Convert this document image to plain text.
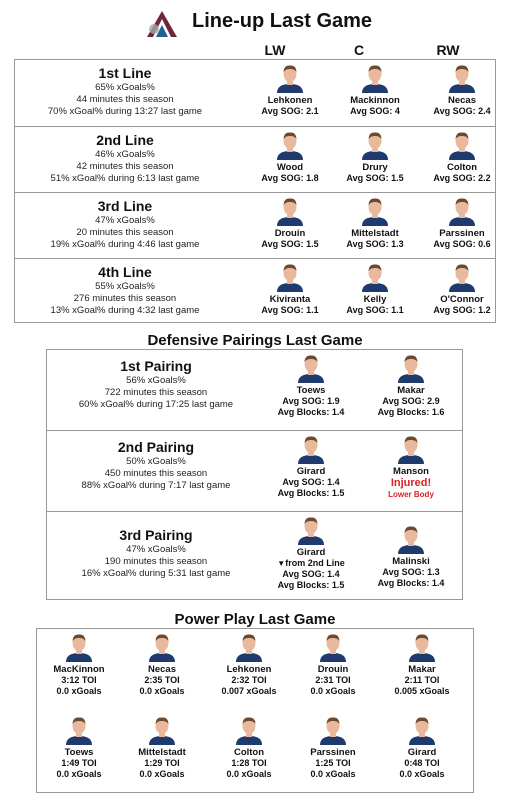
Line-up Last Game
LW	C	RW
1st Line
65% xGoals%
44 minutes this season
70% xGoal% during 13:27 last game
Lehkonen
Avg SOG: 2.1
Mackinnon
Avg SOG: 4
Necas
Avg SOG: 2.4
2nd Line
46% xGoals%
42 minutes this season
51% xGoal% during 6:13 last game
Wood
Avg SOG: 1.8
Drury
Avg SOG: 1.5
Colton
Avg SOG: 2.2
3rd Line
47% xGoals%
20 minutes this season
19% xGoal% during 4:46 last game
Drouin
Avg SOG: 1.5
Mittelstadt
Avg SOG: 1.3
Parssinen
Avg SOG: 0.6
4th Line
55% xGoals%
276 minutes this season
13% xGoal% during 4:32 last game
Kiviranta
Avg SOG: 1.1
Kelly
Avg SOG: 1.1
O'Connor
Avg SOG: 1.2
Defensive Pairings Last Game
1st Pairing
56% xGoals%
722 minutes this season
60% xGoal% during 17:25 last game
Toews
Avg SOG: 1.9
Avg Blocks: 1.4
Makar
Avg SOG: 2.9
Avg Blocks: 1.6
2nd Pairing
50% xGoals%
450 minutes this season
88% xGoal% during 7:17 last game
Girard
Avg SOG: 1.4
Avg Blocks: 1.5
Manson
Injured!
Lower Body
3rd Pairing
47% xGoals%
190 minutes this season
16% xGoal% during 5:31 last game
Girard
▼from 2nd Line
Avg SOG: 1.4
Avg Blocks: 1.5
Malinski
Avg SOG: 1.3
Avg Blocks: 1.4
Power Play Last Game
MacKinnon
3:12 TOI
0.0 xGoals
Necas
2:35 TOI
0.0 xGoals
Lehkonen
2:32 TOI
0.007 xGoals
Drouin
2:31 TOI
0.0 xGoals
Makar
2:11 TOI
0.005 xGoals
Toews
1:49 TOI
0.0 xGoals
Mittelstadt
1:29 TOI
0.0 xGoals
Colton
1:28 TOI
0.0 xGoals
Parssinen
1:25 TOI
0.0 xGoals
Girard
0:48 TOI
0.0 xGoals
